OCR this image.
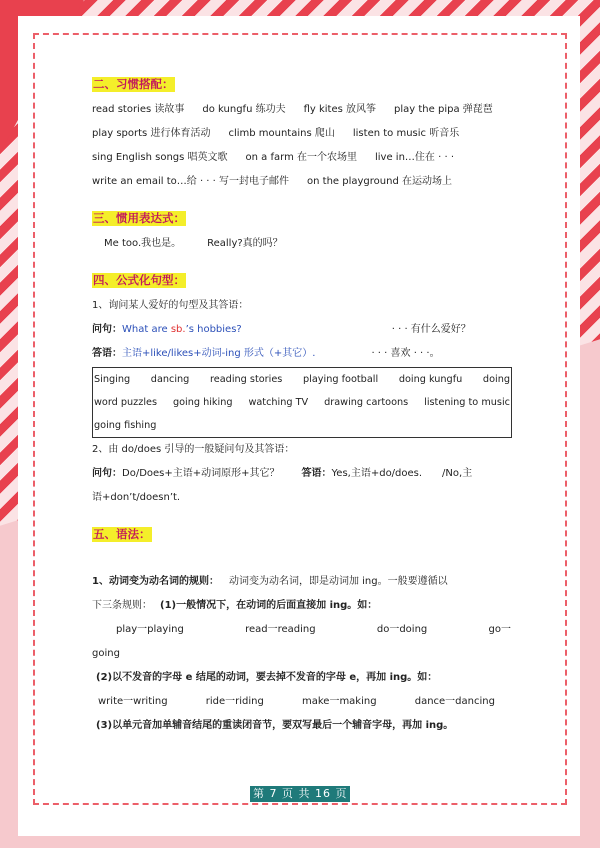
二、习惯搭配：
read stories 读故事 do kungfu 练功夫 fly kites 放风筝 play the pipa 弹琵琶
play sports 进行体育活动 climb mountains 爬山 listen to music 听音乐
sing English songs 唱英文歌 on a farm 在一个农场里 live in…住在 · · ·
write an email to…给 · · · 写一封电子邮件 on the playground 在运动场上
三、惯用表达式：
Me too.我也是。	Really?真的吗？
四、公式化句型：
1、询问某人爱好的句型及其答语：
问句：What are sb.’s hobbies?	· · · 有什么爱好？
答语：主语+like/likes+动词-ing 形式（+其它）.	· · · 喜欢 · · ·。
Singing dancing reading stories playing football doing kungfu doing
word puzzles going hiking watching TV drawing cartoons listening to music
going fishing
2、由 do/does 引导的一般疑问句及其答语：
问句：Do/Does+主语+动词原形+其它？ 答语：Yes,主语+do/does.　　/No,主
语+don’t/doesn’t.
五、语法：
1、动词变为动名词的规则： 动词变为动名词，即是动词加 ing。一般要遵循以
下三条规则： (1)一般情况下，在动词的后面直接加 ing。如：
play一playing	read一reading	do一doing	go一
going
(2)以不发音的字母 e 结尾的动词，要去掉不发音的字母 e，再加 ing。如：
write一writing	ride一riding	make一making	dance一dancing
(3)以单元音加单辅音结尾的重读闭音节，要双写最后一个辅音字母，再加 ing。
第 7 页 共 16 页
头条号 / 学霸联盟
